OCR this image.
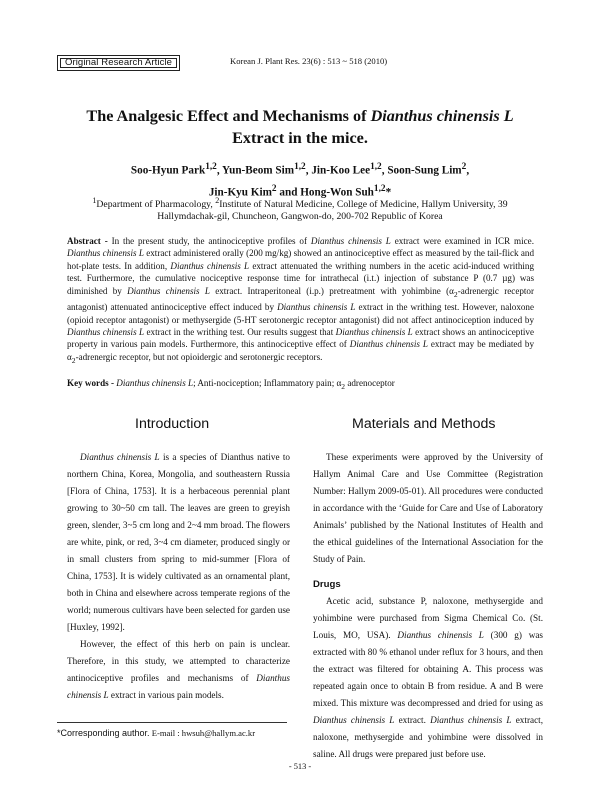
Original Research Article	Korean J. Plant Res. 23(6) : 513 ~ 518 (2010)
The Analgesic Effect and Mechanisms of Dianthus chinensis L
Extract in the mice.
Soo-Hyun Park$^{1,2}$, Yun-Beom Sim$^{1,2}$, Jin-Koo Lee$^{1,2}$, Soon-Sung Lim$^2$,
Jin-Kyu Kim$^2$ and Hong-Won Suh$^{1,2}$*
$^1$Department of Pharmacology, $^2$Institute of Natural Medicine, College of Medicine, Hallym University, 39
Hallymdachak-gil, Chuncheon, Gangwon-do, 200-702 Republic of Korea
Abstract - In the present study, the antinociceptive profiles of Dianthus chinensis L extract were examined in ICR mice. Dianthus chinensis L extract administered orally (200 mg/kg) showed an antinociceptive effect as measured by the tail-flick and hot-plate tests. In addition, Dianthus chinensis L extract attenuated the writhing numbers in the acetic acid-induced writhing test. Furthermore, the cumulative nociceptive response time for intrathecal (i.t.) injection of substance P (0.7 µg) was diminished by Dianthus chinensis L extract. Intraperitoneal (i.p.) pretreatment with yohimbine ($\alpha_2$-adrenergic receptor antagonist) attenuated antinociceptive effect induced by Dianthus chinensis L extract in the writhing test. However, naloxone (opioid receptor antagonist) or methysergide (5-HT serotonergic receptor antagonist) did not affect antinociception induced by Dianthus chinensis L extract in the writhing test. Our results suggest that Dianthus chinensis L extract shows an antinociceptive property in various pain models. Furthermore, this antinociceptive effect of Dianthus chinensis L extract may be mediated by $\alpha_2$-adrenergic receptor, but not opioidergic and serotonergic receptors.
Key words - Dianthus chinensis L; Anti-nociception; Inflammatory pain; $\alpha_2$ adrenoceptor
Introduction	Materials and Methods

Dianthus chinensis L is a species of Dianthus native to northern China, Korea, Mongolia, and southeastern Russia [Flora of China, 1753]. It is a herbaceous perennial plant growing to 30~50 cm tall. The leaves are green to greyish green, slender, 3~5 cm long and 2~4 mm broad. The flowers are white, pink, or red, 3~4 cm diameter, produced singly or in small clusters from spring to mid-summer [Flora of China, 1753]. It is widely cultivated as an ornamental plant, both in China and elsewhere across temperate regions of the world; numerous cultivars have been selected for garden use [Huxley, 1992].

However, the effect of this herb on pain is unclear. Therefore, in this study, we attempted to characterize antinociceptive profiles and mechanisms of Dianthus chinensis L extract in various pain models.

These experiments were approved by the University of Hallym Animal Care and Use Committee (Registration Number: Hallym 2009-05-01). All procedures were conducted in accordance with the ‘Guide for Care and Use of Laboratory Animals’ published by the National Institutes of Health and the ethical guidelines of the International Association for the Study of Pain.

Drugs

Acetic acid, substance P, naloxone, methysergide and yohimbine were purchased from Sigma Chemical Co. (St. Louis, MO, USA). Dianthus chinensis L (300 g) was extracted with 80 % ethanol under reflux for 3 hours, and then the extract was filtered for obtaining A. This process was repeated again once to obtain B from residue. A and B were mixed. This mixture was decompressed and dried for using as Dianthus chinensis L extract. Dianthus chinensis L extract, naloxone, methysergide and yohimbine were dissolved in saline. All drugs were prepared just before use.

*Corresponding author. E-mail : hwsuh@hallym.ac.kr
- 513 -
